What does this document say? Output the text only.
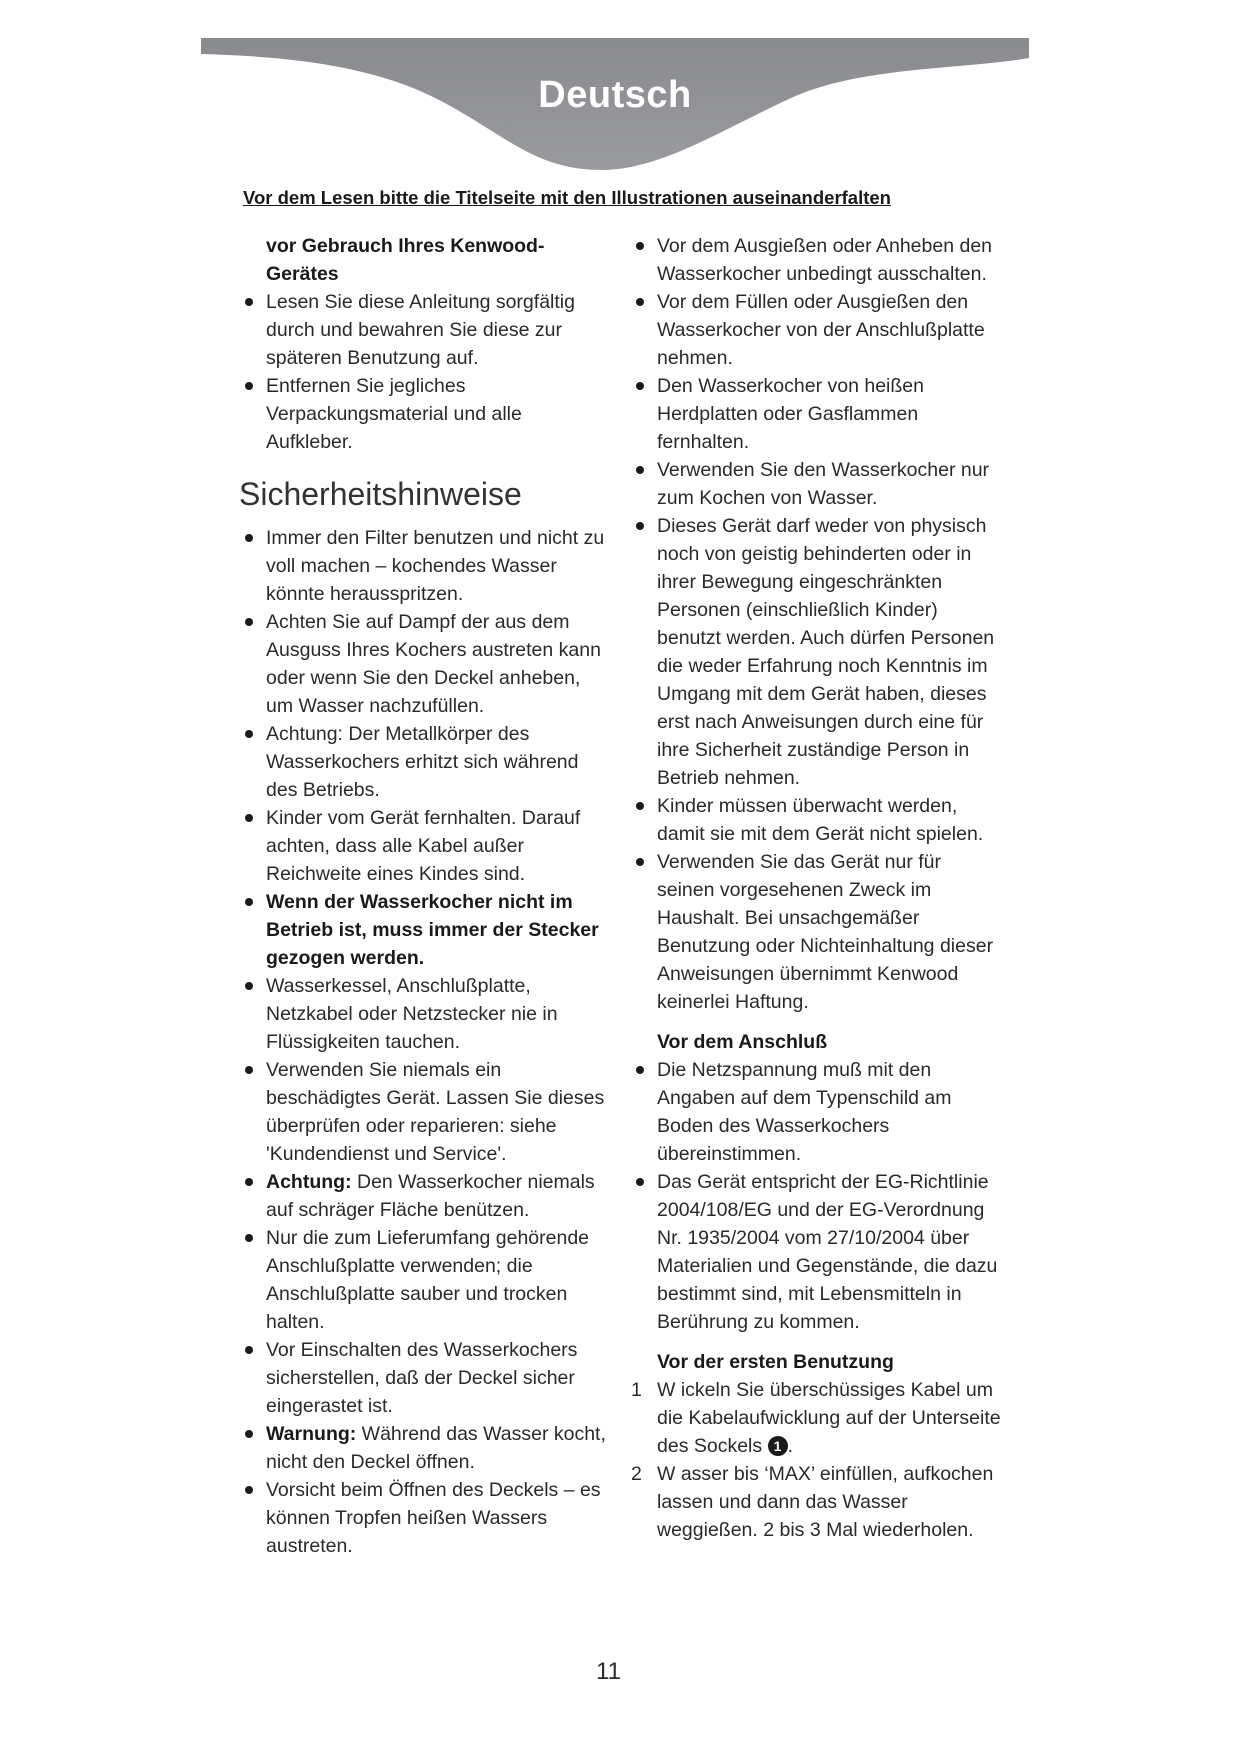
Deutsch
Vor dem Lesen bitte die Titelseite mit den Illustrationen auseinanderfalten
vor Gebrauch Ihres Kenwood-Gerätes
Lesen Sie diese Anleitung sorgfältig durch und bewahren Sie diese zur späteren Benutzung auf.
Entfernen Sie jegliches Verpackungsmaterial und alle Aufkleber.
Sicherheitshinweise
Immer den Filter benutzen und nicht zu voll machen – kochendes Wasser könnte herausspritzen.
Achten Sie auf Dampf der aus dem Ausguss Ihres Kochers austreten kann oder wenn Sie den Deckel anheben, um Wasser nachzufüllen.
Achtung: Der Metallkörper des Wasserkochers erhitzt sich während des Betriebs.
Kinder vom Gerät fernhalten. Darauf achten, dass alle Kabel außer Reichweite eines Kindes sind.
Wenn der Wasserkocher nicht im Betrieb ist, muss immer der Stecker gezogen werden.
Wasserkessel, Anschlußplatte, Netzkabel oder Netzstecker nie in Flüssigkeiten tauchen.
Verwenden Sie niemals ein beschädigtes Gerät. Lassen Sie dieses überprüfen oder reparieren: siehe 'Kundendienst und Service'.
Achtung: Den Wasserkocher niemals auf schräger Fläche benützen.
Nur die zum Lieferumfang gehörende Anschlußplatte verwenden; die Anschlußplatte sauber und trocken halten.
Vor Einschalten des Wasserkochers sicherstellen, daß der Deckel sicher eingerastet ist.
Warnung: Während das Wasser kocht, nicht den Deckel öffnen.
Vorsicht beim Öffnen des Deckels – es können Tropfen heißen Wassers austreten.
Vor dem Ausgießen oder Anheben den Wasserkocher unbedingt ausschalten.
Vor dem Füllen oder Ausgießen den Wasserkocher von der Anschlußplatte nehmen.
Den Wasserkocher von heißen Herdplatten oder Gasflammen fernhalten.
Verwenden Sie den Wasserkocher nur zum Kochen von Wasser.
Dieses Gerät darf weder von physisch noch von geistig behinderten oder in ihrer Bewegung eingeschränkten Personen (einschließlich Kinder) benutzt werden. Auch dürfen Personen die weder Erfahrung noch Kenntnis im Umgang mit dem Gerät haben, dieses erst nach Anweisungen durch eine für ihre Sicherheit zuständige Person in Betrieb nehmen.
Kinder müssen überwacht werden, damit sie mit dem Gerät nicht spielen.
Verwenden Sie das Gerät nur für seinen vorgesehenen Zweck im Haushalt. Bei unsachgemäßer Benutzung oder Nichteinhaltung dieser Anweisungen übernimmt Kenwood keinerlei Haftung.
Vor dem Anschluß
Die Netzspannung muß mit den Angaben auf dem Typenschild am Boden des Wasserkochers übereinstimmen.
Das Gerät entspricht der EG-Richtlinie 2004/108/EG und der EG-Verordnung Nr. 1935/2004 vom 27/10/2004 über Materialien und Gegenstände, die dazu bestimmt sind, mit Lebensmitteln in Berührung zu kommen.
Vor der ersten Benutzung
1 W ickeln Sie überschüssiges Kabel um die Kabelaufwicklung auf der Unterseite des Sockels 1 .
2 W asser bis ‘MAX’ einfüllen, aufkochen lassen und dann das Wasser weggießen. 2 bis 3 Mal wiederholen.
11
